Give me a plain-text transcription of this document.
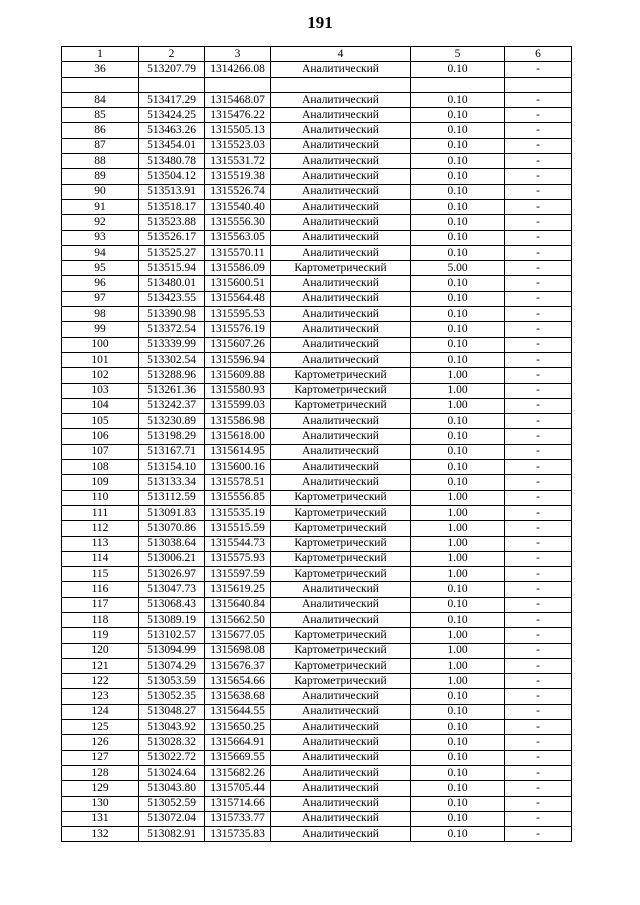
191
1	2	3	4	5	6
36	513207.79	1314266.08	Аналитический	0.10	-

84	513417.29	1315468.07	Аналитический	0.10	-
85	513424.25	1315476.22	Аналитический	0.10	-
86	513463.26	1315505.13	Аналитический	0.10	-
87	513454.01	1315523.03	Аналитический	0.10	-
88	513480.78	1315531.72	Аналитический	0.10	-
89	513504.12	1315519.38	Аналитический	0.10	-
90	513513.91	1315526.74	Аналитический	0.10	-
91	513518.17	1315540.40	Аналитический	0.10	-
92	513523.88	1315556.30	Аналитический	0.10	-
93	513526.17	1315563.05	Аналитический	0.10	-
94	513525.27	1315570.11	Аналитический	0.10	-
95	513515.94	1315586.09	Картометрический	5.00	-
96	513480.01	1315600.51	Аналитический	0.10	-
97	513423.55	1315564.48	Аналитический	0.10	-
98	513390.98	1315595.53	Аналитический	0.10	-
99	513372.54	1315576.19	Аналитический	0.10	-
100	513339.99	1315607.26	Аналитический	0.10	-
101	513302.54	1315596.94	Аналитический	0.10	-
102	513288.96	1315609.88	Картометрический	1.00	-
103	513261.36	1315580.93	Картометрический	1.00	-
104	513242.37	1315599.03	Картометрический	1.00	-
105	513230.89	1315586.98	Аналитический	0.10	-
106	513198.29	1315618.00	Аналитический	0.10	-
107	513167.71	1315614.95	Аналитический	0.10	-
108	513154.10	1315600.16	Аналитический	0.10	-
109	513133.34	1315578.51	Аналитический	0.10	-
110	513112.59	1315556.85	Картометрический	1.00	-
111	513091.83	1315535.19	Картометрический	1.00	-
112	513070.86	1315515.59	Картометрический	1.00	-
113	513038.64	1315544.73	Картометрический	1.00	-
114	513006.21	1315575.93	Картометрический	1.00	-
115	513026.97	1315597.59	Картометрический	1.00	-
116	513047.73	1315619.25	Аналитический	0.10	-
117	513068.43	1315640.84	Аналитический	0.10	-
118	513089.19	1315662.50	Аналитический	0.10	-
119	513102.57	1315677.05	Картометрический	1.00	-
120	513094.99	1315698.08	Картометрический	1.00	-
121	513074.29	1315676.37	Картометрический	1.00	-
122	513053.59	1315654.66	Картометрический	1.00	-
123	513052.35	1315638.68	Аналитический	0.10	-
124	513048.27	1315644.55	Аналитический	0.10	-
125	513043.92	1315650.25	Аналитический	0.10	-
126	513028.32	1315664.91	Аналитический	0.10	-
127	513022.72	1315669.55	Аналитический	0.10	-
128	513024.64	1315682.26	Аналитический	0.10	-
129	513043.80	1315705.44	Аналитический	0.10	-
130	513052.59	1315714.66	Аналитический	0.10	-
131	513072.04	1315733.77	Аналитический	0.10	-
132	513082.91	1315735.83	Аналитический	0.10	-
